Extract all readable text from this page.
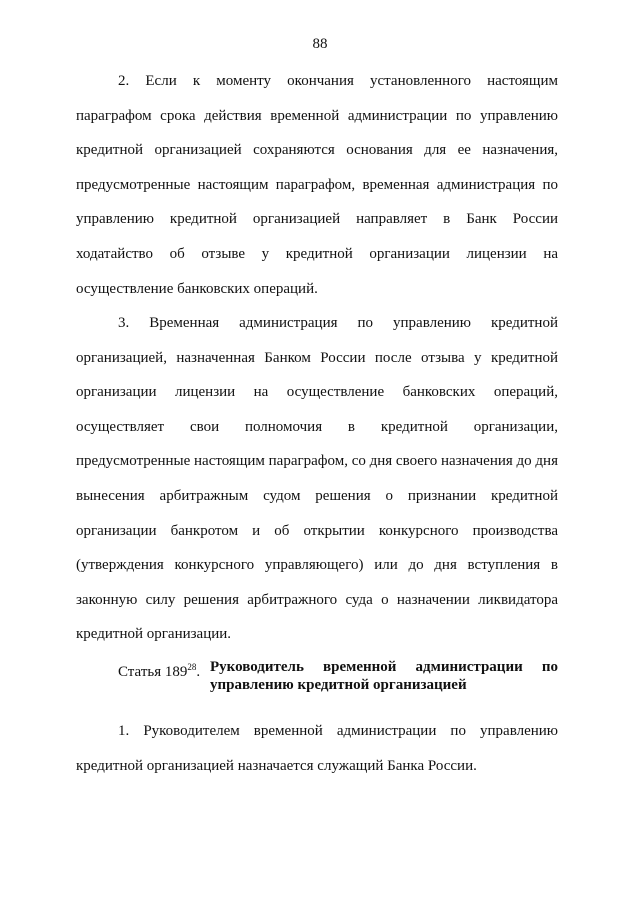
88

2. Если к моменту окончания установленного настоящим параграфом срока действия временной администрации по управлению кредитной организацией сохраняются основания для ее назначения, предусмотренные настоящим параграфом, временная администрация по управлению кредитной организацией направляет в Банк России ходатайство об отзыве у кредитной организации лицензии на осуществление банковских операций.

3. Временная администрация по управлению кредитной организацией, назначенная Банком России после отзыва у кредитной организации лицензии на осуществление банковских операций, осуществляет свои полномочия в кредитной организации, предусмотренные настоящим параграфом, со дня своего назначения до дня вынесения арбитражным судом решения о признании кредитной организации банкротом и об открытии конкурсного производства (утверждения конкурсного управляющего) или до дня вступления в законную силу решения арбитражного суда о назначении ликвидатора кредитной организации.

Статья $189^{28}$. Руководитель временной администрации по управлению кредитной организацией

1. Руководителем временной администрации по управлению кредитной организацией назначается служащий Банка России.
